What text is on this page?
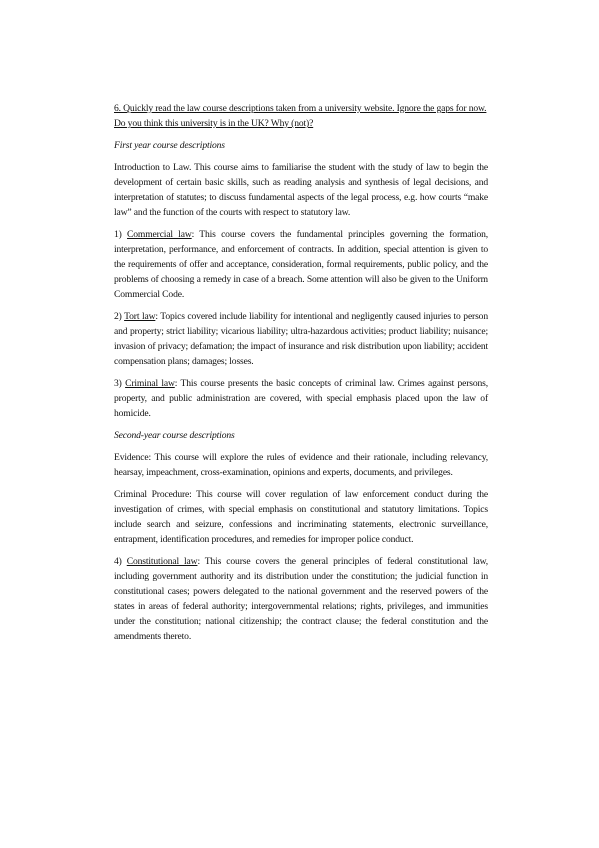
6. Quickly read the law course descriptions taken from a university website. Ignore the gaps for now. Do you think this university is in the UK? Why (not)?

First year course descriptions

Introduction to Law. This course aims to familiarise the student with the study of law to begin the development of certain basic skills, such as reading analysis and synthesis of legal decisions, and interpretation of statutes; to discuss fundamental aspects of the legal process, e.g. how courts “make law” and the function of the courts with respect to statutory law.

1) Commercial law: This course covers the fundamental principles governing the formation, interpretation, performance, and enforcement of contracts. In addition, special attention is given to the requirements of offer and acceptance, consideration, formal requirements, public policy, and the problems of choosing a remedy in case of a breach. Some attention will also be given to the Uniform Commercial Code.

2) Tort law: Topics covered include liability for intentional and negligently caused injuries to person and property; strict liability; vicarious liability; ultra-hazardous activities; product liability; nuisance; invasion of privacy; defamation; the impact of insurance and risk distribution upon liability; accident compensation plans; damages; losses.

3) Criminal law: This course presents the basic concepts of criminal law. Crimes against persons, property, and public administration are covered, with special emphasis placed upon the law of homicide.

Second-year course descriptions

Evidence: This course will explore the rules of evidence and their rationale, including relevancy, hearsay, impeachment, cross-examination, opinions and experts, documents, and privileges.

Criminal Procedure: This course will cover regulation of law enforcement conduct during the investigation of crimes, with special emphasis on constitutional and statutory limitations. Topics include search and seizure, confessions and incriminating statements, electronic surveillance, entrapment, identification procedures, and remedies for improper police conduct.

4) Constitutional law: This course covers the general principles of federal constitutional law, including government authority and its distribution under the constitution; the judicial function in constitutional cases; powers delegated to the national government and the reserved powers of the states in areas of federal authority; intergovernmental relations; rights, privileges, and immunities under the constitution; national citizenship; the contract clause; the federal constitution and the amendments thereto.
